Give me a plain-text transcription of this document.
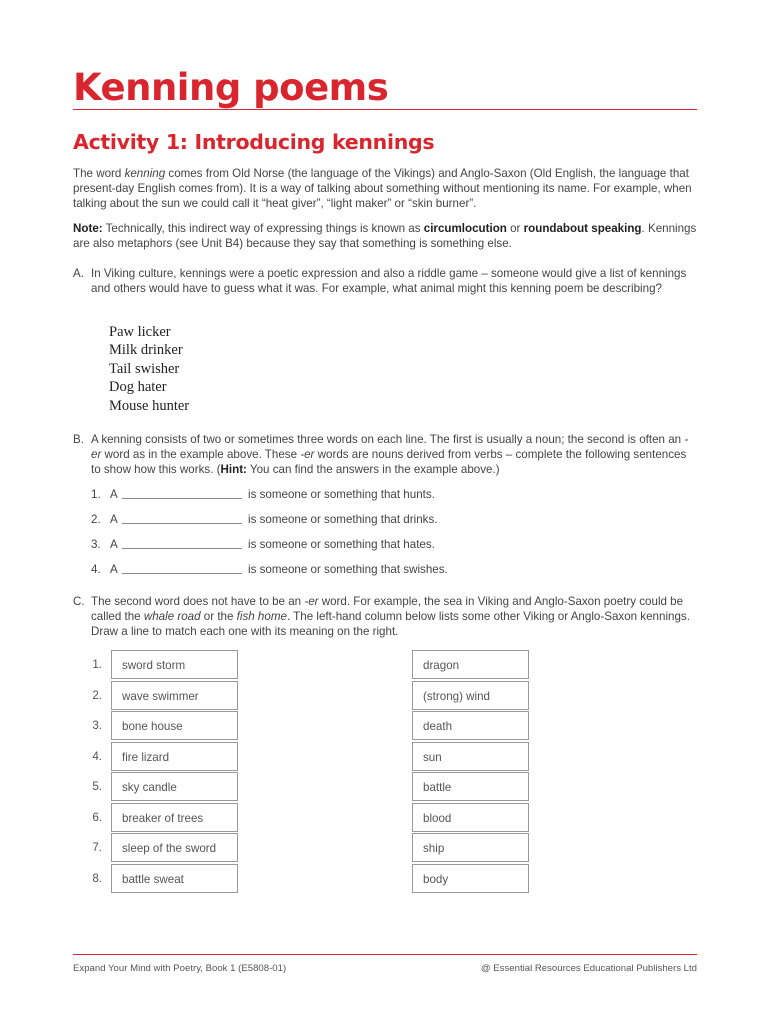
Kenning poems
Activity 1: Introducing kennings

The word kenning comes from Old Norse (the language of the Vikings) and Anglo-Saxon (Old English, the language that present-day English comes from). It is a way of talking about something without mentioning its name. For example, when talking about the sun we could call it “heat giver”, “light maker” or “skin burner”.

Note: Technically, this indirect way of expressing things is known as circumlocution or roundabout speaking. Kennings are also metaphors (see Unit B4) because they say that something is something else.

A. In Viking culture, kennings were a poetic expression and also a riddle game – someone would give a list of kennings and others would have to guess what it was. For example, what animal might this kenning poem be describing?
Paw licker
Milk drinker
Tail swisher
Dog hater
Mouse hunter
B. A kenning consists of two or sometimes three words on each line. The first is usually a noun; the second is often an -er word as in the example above. These -er words are nouns derived from verbs – complete the following sentences to show how this works. (Hint: You can find the answers in the example above.)
1. A	is someone or something that hunts.
2. A	is someone or something that drinks.
3. A	is someone or something that hates.
4. A	is someone or something that swishes.
C. The second word does not have to be an -er word. For example, the sea in Viking and Anglo-Saxon poetry could be called the whale road or the fish home. The left-hand column below lists some other Viking or Anglo-Saxon kennings. Draw a line to match each one with its meaning on the right.
1.	sword storm	dragon
2.	wave swimmer	(strong) wind
3.	bone house	death
4.	fire lizard	sun
5.	sky candle	battle
6.	breaker of trees	blood
7.	sleep of the sword	ship
8.	battle sweat	body
Expand Your Mind with Poetry, Book 1 (E5808-01)	@ Essential Resources Educational Publishers Ltd
